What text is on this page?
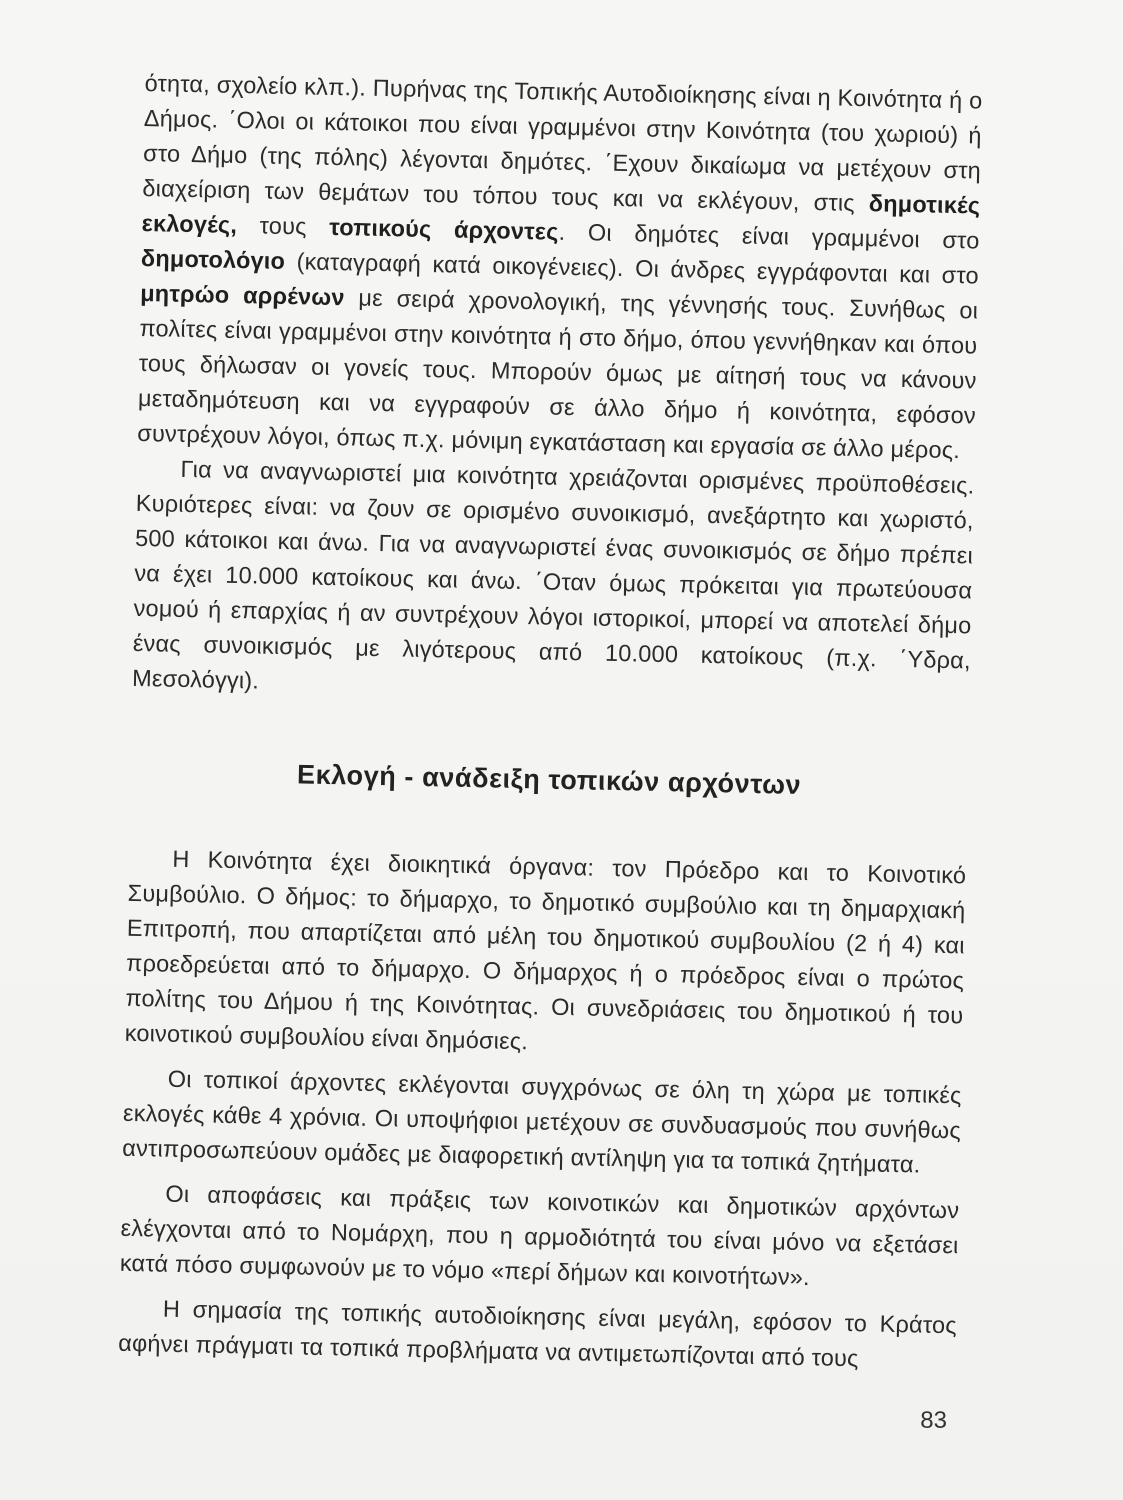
ότητα, σχολείο κλπ.). Πυρήνας της Τοπικής Αυτοδιοίκησης είναι η Κοινότητα ή ο Δήμος. ΄Ολοι οι κάτοικοι που είναι γραμμένοι στην Κοινότητα (του χωριού) ή στο Δήμο (της πόλης) λέγονται δημότες. ΄Εχουν δικαίωμα να μετέχουν στη διαχείριση των θεμάτων του τόπου τους και να εκλέγουν, στις δημοτικές εκλογές, τους τοπικούς άρχοντες. Οι δημότες είναι γραμμένοι στο δημοτολόγιο (καταγραφή κατά οικογένειες). Οι άνδρες εγγράφονται και στο μητρώο αρρένων με σειρά χρονολογική, της γέννησής τους. Συνήθως οι πολίτες είναι γραμμένοι στην κοινότητα ή στο δήμο, όπου γεννήθηκαν και όπου τους δήλωσαν οι γονείς τους. Μπορούν όμως με αίτησή τους να κάνουν μεταδημότευση και να εγγραφούν σε άλλο δήμο ή κοινότητα, εφόσον συντρέχουν λόγοι, όπως π.χ. μόνιμη εγκατάσταση και εργασία σε άλλο μέρος.

Για να αναγνωριστεί μια κοινότητα χρειάζονται ορισμένες προϋποθέσεις. Κυριότερες είναι: να ζουν σε ορισμένο συνοικισμό, ανεξάρτητο και χωριστό, 500 κάτοικοι και άνω. Για να αναγνωριστεί ένας συνοικισμός σε δήμο πρέπει να έχει 10.000 κατοίκους και άνω. ΄Οταν όμως πρόκειται για πρωτεύουσα νομού ή επαρχίας ή αν συντρέχουν λόγοι ιστορικοί, μπορεί να αποτελεί δήμο ένας συνοικισμός με λιγότερους από 10.000 κατοίκους (π.χ. ΄Υδρα, Μεσολόγγι).

Εκλογή - ανάδειξη τοπικών αρχόντων

Η Κοινότητα έχει διοικητικά όργανα: τον Πρόεδρο και το Κοινοτικό Συμβούλιο. Ο δήμος: το δήμαρχο, το δημοτικό συμβούλιο και τη δημαρχιακή Επιτροπή, που απαρτίζεται από μέλη του δημοτικού συμβουλίου (2 ή 4) και προεδρεύεται από το δήμαρχο. Ο δήμαρχος ή ο πρόεδρος είναι ο πρώτος πολίτης του Δήμου ή της Κοινότητας. Οι συνεδριάσεις του δημοτικού ή του κοινοτικού συμβουλίου είναι δημόσιες.

Οι τοπικοί άρχοντες εκλέγονται συγχρόνως σε όλη τη χώρα με τοπικές εκλογές κάθε 4 χρόνια. Οι υποψήφιοι μετέχουν σε συνδυασμούς που συνήθως αντιπροσωπεύουν ομάδες με διαφορετική αντίληψη για τα τοπικά ζητήματα.

Οι αποφάσεις και πράξεις των κοινοτικών και δημοτικών αρχόντων ελέγχονται από το Νομάρχη, που η αρμοδιότητά του είναι μόνο να εξετάσει κατά πόσο συμφωνούν με το νόμο «περί δήμων και κοινοτήτων».

Η σημασία της τοπικής αυτοδιοίκησης είναι μεγάλη, εφόσον το Κράτος αφήνει πράγματι τα τοπικά προβλήματα να αντιμετωπίζονται από τους

83
